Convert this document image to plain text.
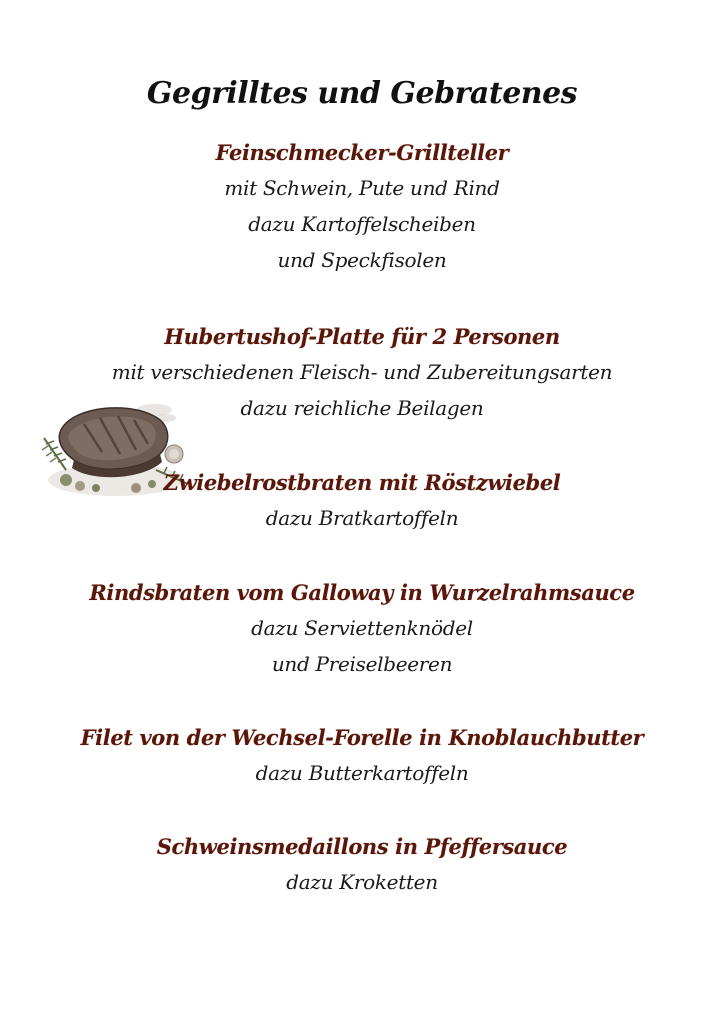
Gegrilltes und Gebratenes
Feinschmecker-Grillteller
mit Schwein, Pute und Rind
dazu Kartoffelscheiben
und Speckfisolen
Hubertushof-Platte für 2 Personen
mit verschiedenen Fleisch- und Zubereitungsarten
dazu reichliche Beilagen
Zwiebelrostbraten mit Röstzwiebel
dazu Bratkartoffeln
Rindsbraten vom Galloway in Wurzelrahmsauce
dazu Serviettenknödel
und Preiselbeeren
Filet von der Wechsel-Forelle in Knoblauchbutter
dazu Butterkartoffeln
Schweinsmedaillons in Pfeffersauce
dazu Kroketten
